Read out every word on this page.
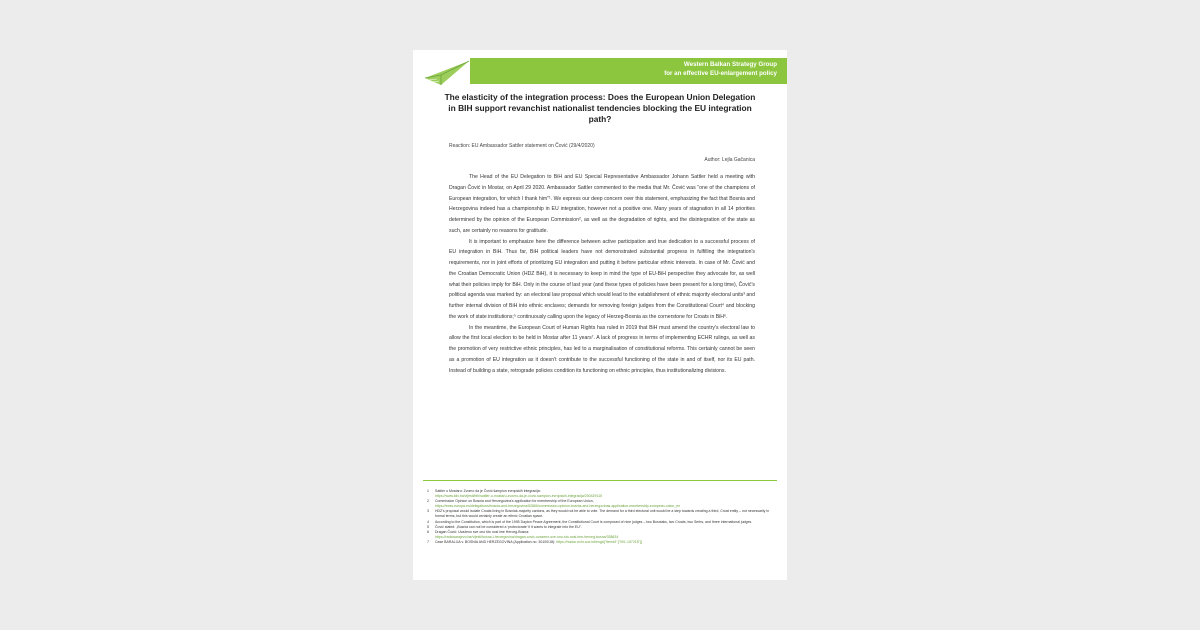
Western Balkan Strategy Group
for an effective EU-enlargement policy
The elasticity of the integration process: Does the European Union Delegation in BIH support revanchist nationalist tendencies blocking the EU integration path?
Reaction: EU Ambassador Sattler statement on Čović (29/4/2020)
Author: Lejla Gačanica

The Head of the EU Delegation to BiH and EU Special Representative Ambassador Johann Sattler held a meeting with Dragan Čović in Mostar, on April 29 2020. Ambassador Sattler commented to the media that Mr. Čović was "one of the champions of European integration, for which I thank him"¹. We express our deep concern over this statement, emphasizing the fact that Bosnia and Herzegovina indeed has a championship in EU integration, however not a positive one. Many years of stagnation in all 14 priorities determined by the opinion of the European Commission², as well as the degradation of rights, and the disintegration of the state as such, are certainly no reasons for gratitude.

It is important to emphasize here the difference between active participation and true dedication to a successful process of EU integration in BiH. Thus far, BiH political leaders have not demonstrated substantial progress in fulfilling the integration's requirements, nor in joint efforts of prioritizing EU integration and putting it before particular ethnic interests. In case of Mr. Čović and the Croatian Democratic Union (HDZ BiH), it is necessary to keep in mind the type of EU-BiH perspective they advocate for, as well what their policies imply for BiH. Only in the course of last year (and these types of policies have been present for a long time), Čović's political agenda was marked by: an electoral law proposal which would lead to the establishment of ethnic majority electoral units³ and further internal division of BiH into ethnic enclaves; demands for removing foreign judges from the Constitutional Court⁴ and blocking the work of state institutions;⁵ continuously calling upon the legacy of Herzeg-Bosnia as the cornerstone for Croats in BiH⁶.

In the meantime, the European Court of Human Rights has ruled in 2019 that BiH must amend the country's electoral law to allow the first local election to be held in Mostar after 11 years⁷. A lack of progress in terms of implementing ECHR rulings, as well as the promotion of very restrictive ethnic principles, has led to a marginalisation of constitutional reforms. This certainly cannot be seen as a promotion of EU integration as it doesn't contribute to the successful functioning of the state in and of itself, nor its EU path. Instead of building a state, retrograde policies condition its functioning on ethnic principles, thus institutionalizing divisions.

1 Sattler u Mostaru: Zvomo da je Čović šampion evropskih integracija:
https://www.klix.ba/vijesti/bih/sattler-u-mostaru-zvomo-da-je-covic-sampion-evropskih-integracija/200429115
2 Commission Opinion on Bosnia and Herzegovina's application for membership of the European Union,
https://eeas.europa.eu/delegations/bosnia-and-herzegovina/62866/commission-opinion-bosnia-and-herzegovinas-application-membership-european-union_en
3 HDZ's proposal would isolate Croats living in Bosniak-majority cantons, as they would not be able to vote. The demand for a third electoral unit would be a step towards creating a third, Croat entity – not necessarily in formal terms, but this would certainly create an ethnic Croatian space.
4 According to the Constitution, which is part of the 1995 Dayton Peace Agreement, the Constitutional Court is composed of nine judges – two Bosniaks, two Croats, two Serbs, and three international judges.
5 Čović stated: „Bosnia can not be considered a 'protectorate' if it wants to integrate into the EU".
6 Dragan Čović: Uvaženo sve ono što nosi ime Herceg-Bosna:
https://radiosarajevo.ba/vijesti/bosna-i-hercegovina/dragan-covic-uvazeno-sve-ono-sto-nosi-ime-herceg-bosna/338634
7 Case BARALIJA v. BOSNIA AND HERZEGOVINA (Application no. 30100/18): https://hudoc.echr.coe.int/eng#{"itemid":["001-197215"]}
